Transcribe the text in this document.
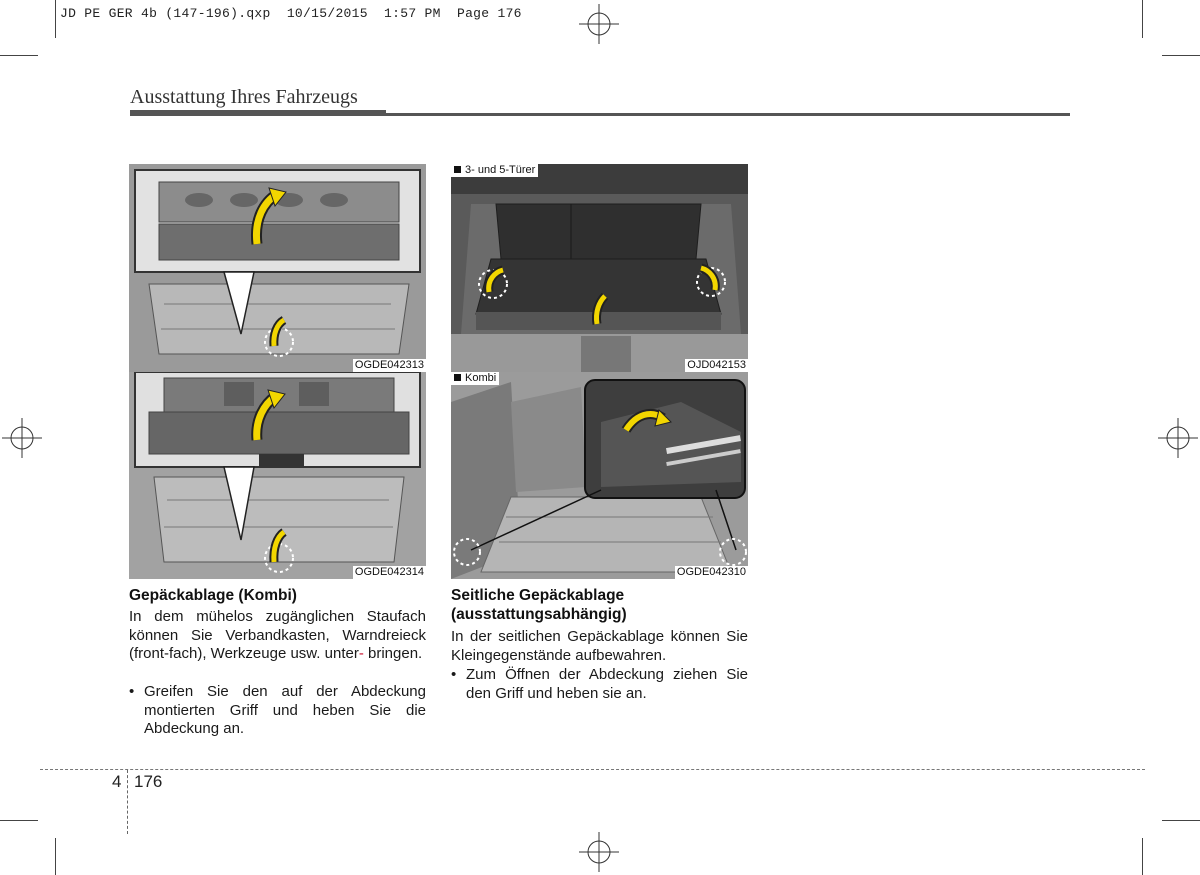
JD PE GER 4b (147-196).qxp  10/15/2015  1:57 PM  Page 176
Ausstattung Ihres Fahrzeugs
OGDE042313
OGDE042314
3- und 5-Türer
OJD042153
Kombi
OGDE042310
Gepäckablage (Kombi)
In dem mühelos zugänglichen Staufach können Sie Verbandkasten, Warndreieck (front-fach), Werkzeuge usw. unter- bringen.
• Greifen Sie den auf der Abdeckung montierten Griff und heben Sie die Abdeckung an.
Seitliche Gepäckablage
(ausstattungsabhängig)
In der seitlichen Gepäckablage können Sie Kleingegenstände aufbewahren.
• Zum Öffnen der Abdeckung ziehen Sie den Griff und heben sie an.
4 176
